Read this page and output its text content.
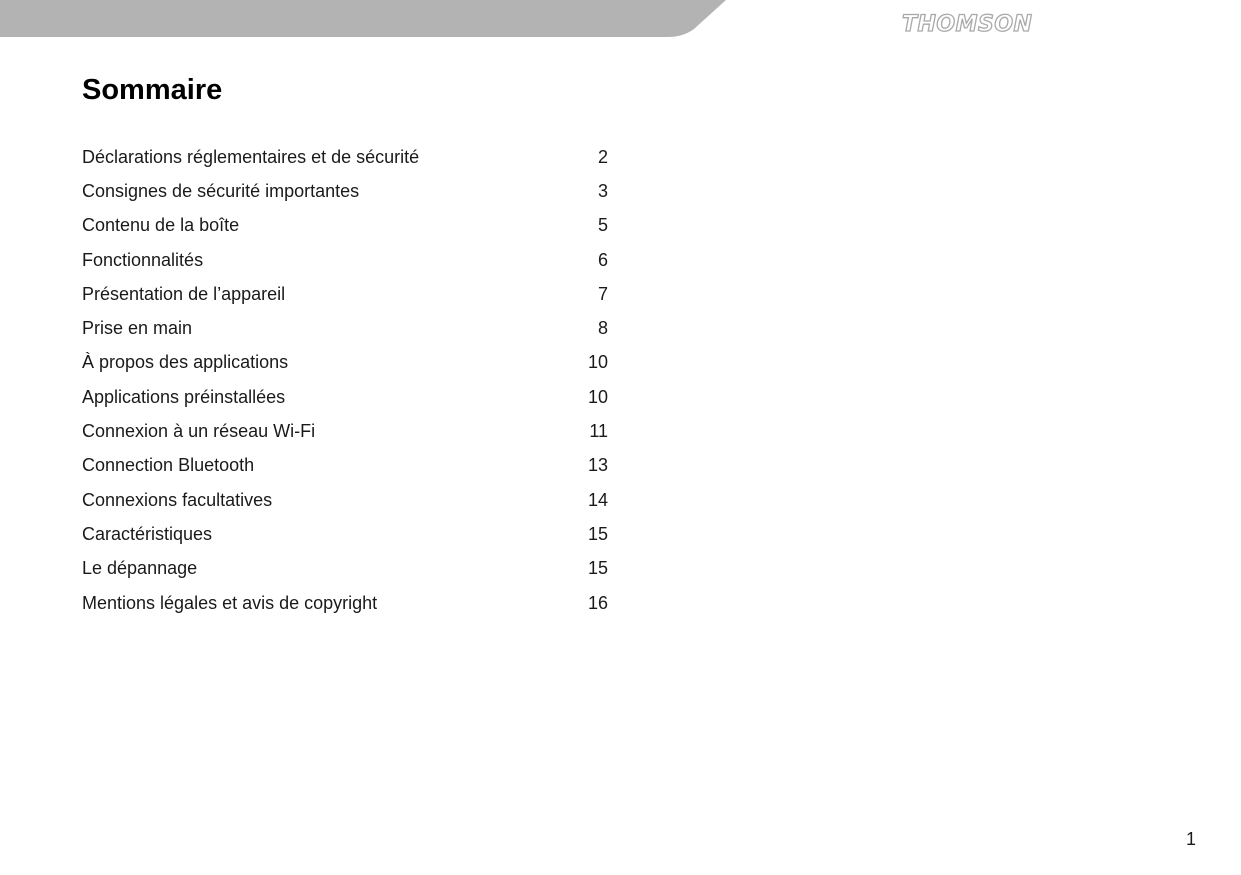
THOMSON
Sommaire
Déclarations réglementaires et de sécurité	2
Consignes de sécurité importantes	3
Contenu de la boîte	5
Fonctionnalités	6
Présentation de l’appareil	7
Prise en main	8
À propos des applications	10
Applications préinstallées	10
Connexion à un réseau Wi-Fi	11
Connection Bluetooth	13
Connexions facultatives	14
Caractéristiques	15
Le dépannage	15
Mentions légales et avis de copyright	16
1
